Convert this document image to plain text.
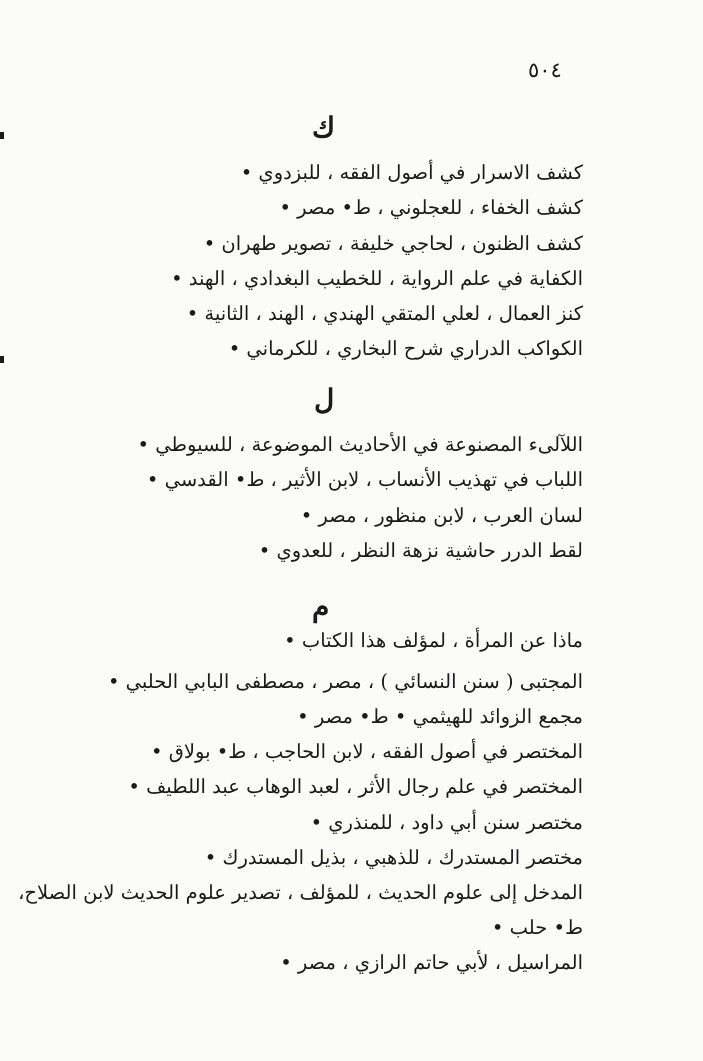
٥٠٤
ك
كشف الاسرار في أصول الفقه ، للبزدوي •
كشف الخفاء ، للعجلوني ، ط• مصر •
كشف الظنون ، لحاجي خليفة ، تصوير طهران •
الكفاية في علم الرواية ، للخطيب البغدادي ، الهند •
كنز العمال ، لعلي المتقي الهندي ، الهند ، الثانية •
الكواكب الدراري شرح البخاري ، للكرماني •
ل
اللآلىء المصنوعة في الأحاديث الموضوعة ، للسيوطي •
اللباب في تهذيب الأنساب ، لابن الأثير ، ط• القدسي •
لسان العرب ، لابن منظور ، مصر •
لقط الدرر حاشية نزهة النظر ، للعدوي •
م
ماذا عن المرأة ، لمؤلف هذا الكتاب •
المجتبى ( سنن النسائي ) ، مصر ، مصطفى البابي الحلبي •
مجمع الزوائد للهيثمي • ط• مصر •
المختصر في أصول الفقه ، لابن الحاجب ، ط• بولاق •
المختصر في علم رجال الأثر ، لعبد الوهاب عبد اللطيف •
مختصر سنن أبي داود ، للمنذري •
مختصر المستدرك ، للذهبي ، بذيل المستدرك •
المدخل إلى علوم الحديث ، للمؤلف ، تصدير علوم الحديث لابن الصلاح،
ط• حلب •
المراسيل ، لأبي حاتم الرازي ، مصر •
